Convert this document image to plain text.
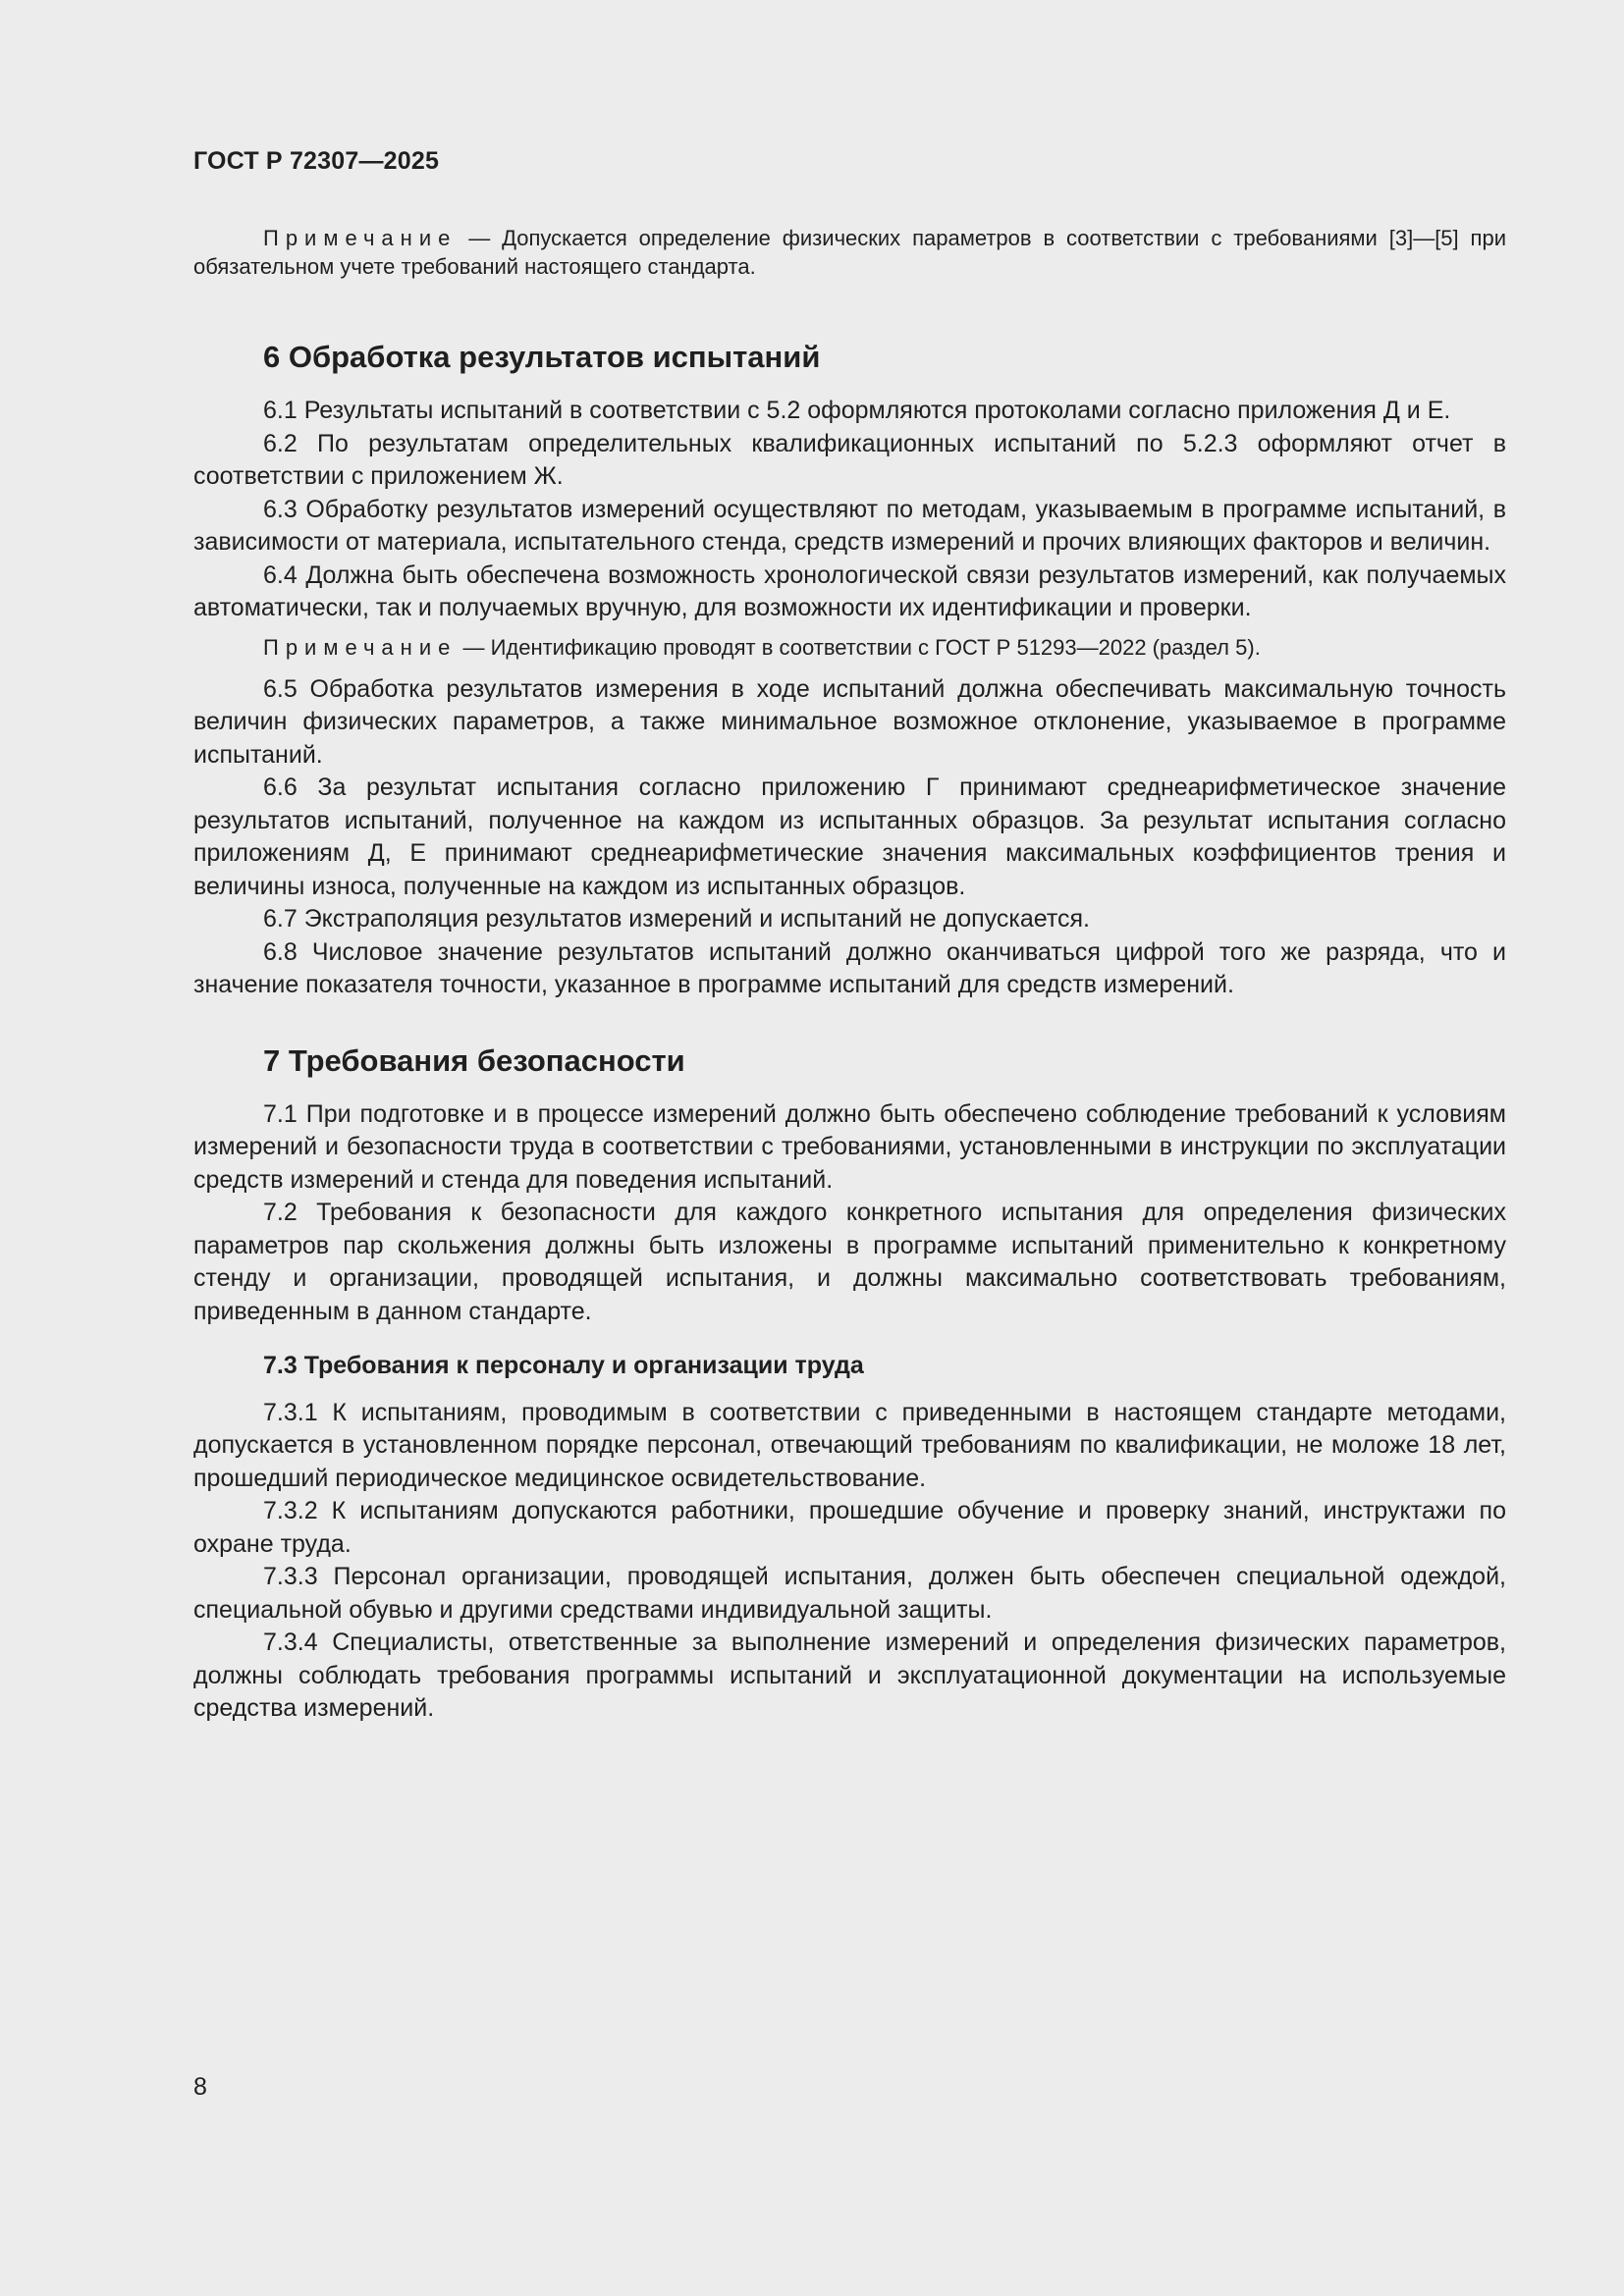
ГОСТ Р 72307—2025

Примечание — Допускается определение физических параметров в соответствии с требованиями [3]—[5] при обязательном учете требований настоящего стандарта.

6 Обработка результатов испытаний

6.1 Результаты испытаний в соответствии с 5.2 оформляются протоколами согласно приложения Д и Е.

6.2 По результатам определительных квалификационных испытаний по 5.2.3 оформляют отчет в соответствии с приложением Ж.

6.3 Обработку результатов измерений осуществляют по методам, указываемым в программе испытаний, в зависимости от материала, испытательного стенда, средств измерений и прочих влияющих факторов и величин.

6.4 Должна быть обеспечена возможность хронологической связи результатов измерений, как получаемых автоматически, так и получаемых вручную, для возможности их идентификации и проверки.

Примечание — Идентификацию проводят в соответствии с ГОСТ Р 51293—2022 (раздел 5).

6.5 Обработка результатов измерения в ходе испытаний должна обеспечивать максимальную точность величин физических параметров, а также минимальное возможное отклонение, указываемое в программе испытаний.

6.6 За результат испытания согласно приложению Г принимают среднеарифметическое значение результатов испытаний, полученное на каждом из испытанных образцов. За результат испытания согласно приложениям Д, Е принимают среднеарифметические значения максимальных коэффициентов трения и величины износа, полученные на каждом из испытанных образцов.

6.7 Экстраполяция результатов измерений и испытаний не допускается.

6.8 Числовое значение результатов испытаний должно оканчиваться цифрой того же разряда, что и значение показателя точности, указанное в программе испытаний для средств измерений.

7 Требования безопасности

7.1 При подготовке и в процессе измерений должно быть обеспечено соблюдение требований к условиям измерений и безопасности труда в соответствии с требованиями, установленными в инструкции по эксплуатации средств измерений и стенда для поведения испытаний.

7.2 Требования к безопасности для каждого конкретного испытания для определения физических параметров пар скольжения должны быть изложены в программе испытаний применительно к конкретному стенду и организации, проводящей испытания, и должны максимально соответствовать требованиям, приведенным в данном стандарте.

7.3 Требования к персоналу и организации труда

7.3.1 К испытаниям, проводимым в соответствии с приведенными в настоящем стандарте методами, допускается в установленном порядке персонал, отвечающий требованиям по квалификации, не моложе 18 лет, прошедший периодическое медицинское освидетельствование.

7.3.2 К испытаниям допускаются работники, прошедшие обучение и проверку знаний, инструктажи по охране труда.

7.3.3 Персонал организации, проводящей испытания, должен быть обеспечен специальной одеждой, специальной обувью и другими средствами индивидуальной защиты.

7.3.4 Специалисты, ответственные за выполнение измерений и определения физических параметров, должны соблюдать требования программы испытаний и эксплуатационной документации на используемые средства измерений.

8
